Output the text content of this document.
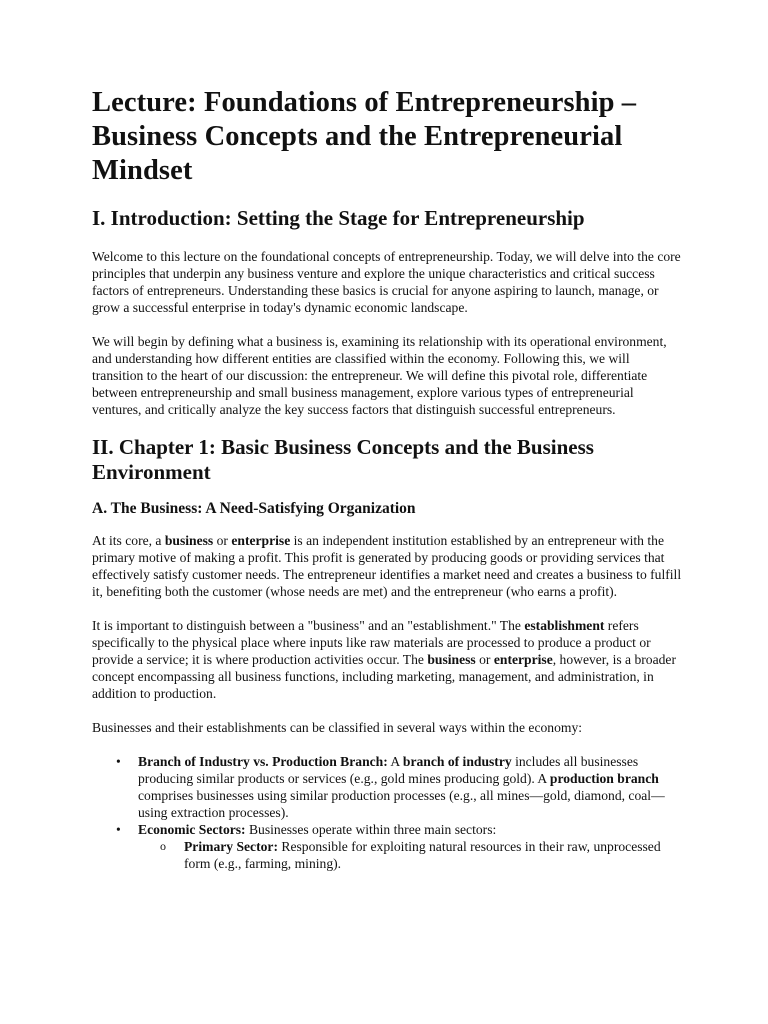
Lecture: Foundations of Entrepreneurship – Business Concepts and the Entrepreneurial Mindset
I. Introduction: Setting the Stage for Entrepreneurship

Welcome to this lecture on the foundational concepts of entrepreneurship. Today, we will delve into the core principles that underpin any business venture and explore the unique characteristics and critical success factors of entrepreneurs. Understanding these basics is crucial for anyone aspiring to launch, manage, or grow a successful enterprise in today's dynamic economic landscape.

We will begin by defining what a business is, examining its relationship with its operational environment, and understanding how different entities are classified within the economy. Following this, we will transition to the heart of our discussion: the entrepreneur. We will define this pivotal role, differentiate between entrepreneurship and small business management, explore various types of entrepreneurial ventures, and critically analyze the key success factors that distinguish successful entrepreneurs.

II. Chapter 1: Basic Business Concepts and the Business Environment
A. The Business: A Need-Satisfying Organization

At its core, a business or enterprise is an independent institution established by an entrepreneur with the primary motive of making a profit. This profit is generated by producing goods or providing services that effectively satisfy customer needs. The entrepreneur identifies a market need and creates a business to fulfill it, benefiting both the customer (whose needs are met) and the entrepreneur (who earns a profit).

It is important to distinguish between a "business" and an "establishment." The establishment refers specifically to the physical place where inputs like raw materials are processed to produce a product or provide a service; it is where production activities occur. The business or enterprise, however, is a broader concept encompassing all business functions, including marketing, management, and administration, in addition to production.

Businesses and their establishments can be classified in several ways within the economy:

• Branch of Industry vs. Production Branch: A branch of industry includes all businesses producing similar products or services (e.g., gold mines producing gold). A production branch comprises businesses using similar production processes (e.g., all mines—gold, diamond, coal—using extraction processes).
• Economic Sectors: Businesses operate within three main sectors:
o Primary Sector: Responsible for exploiting natural resources in their raw, unprocessed form (e.g., farming, mining).
